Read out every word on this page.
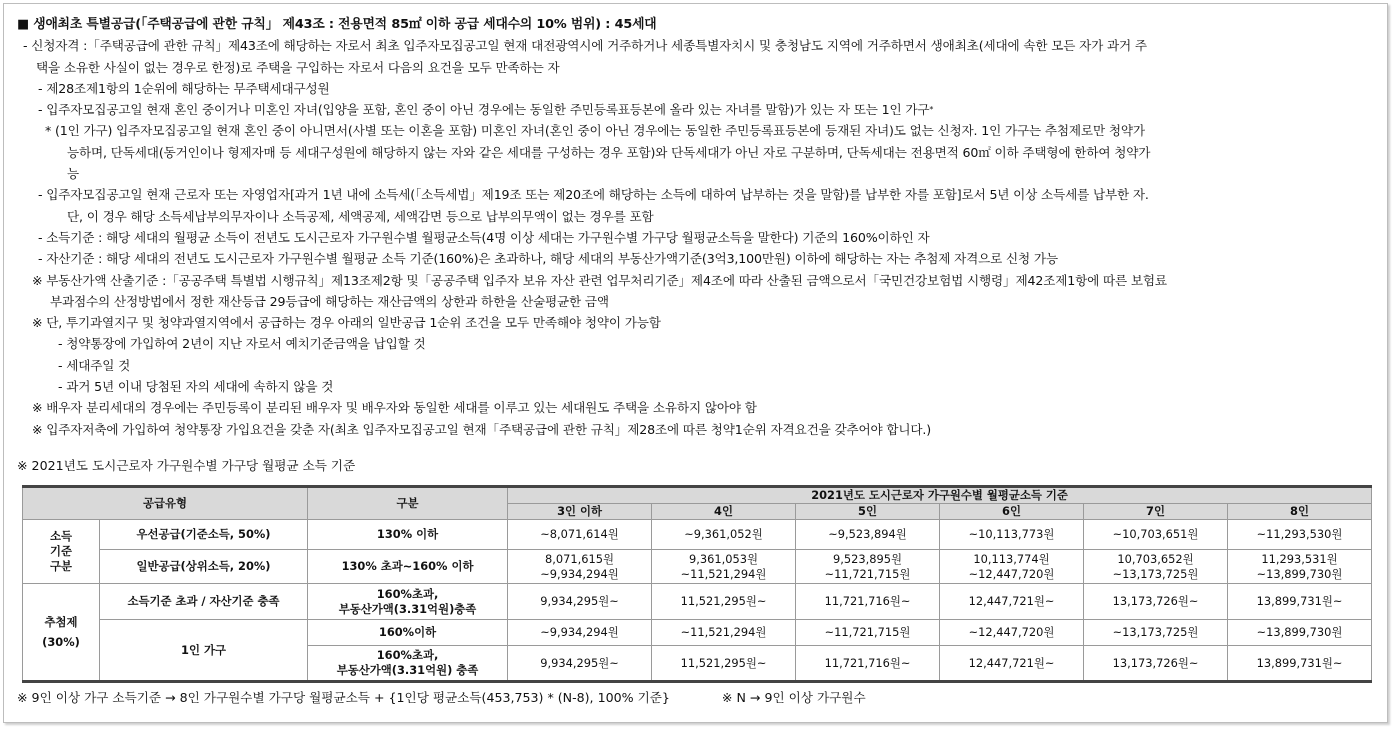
■ 생애최초 특별공급(「주택공급에 관한 규칙」 제43조 : 전용면적 85㎡ 이하 공급 세대수의 10% 범위) : 45세대
- 신청자격 :「주택공급에 관한 규칙」제43조에 해당하는 자로서 최초 입주자모집공고일 현재 대전광역시에 거주하거나 세종특별자치시 및 충청남도 지역에 거주하면서 생애최초(세대에 속한 모든 자가 과거 주
택을 소유한 사실이 없는 경우로 한정)로 주택을 구입하는 자로서 다음의 요건을 모두 만족하는 자
- 제28조제1항의 1순위에 해당하는 무주택세대구성원
- 입주자모집공고일 현재 혼인 중이거나 미혼인 자녀(입양을 포함, 혼인 중이 아닌 경우에는 동일한 주민등록표등본에 올라 있는 자녀를 말함)가 있는 자 또는 1인 가구*
* (1인 가구) 입주자모집공고일 현재 혼인 중이 아니면서(사별 또는 이혼을 포함) 미혼인 자녀(혼인 중이 아닌 경우에는 동일한 주민등록표등본에 등재된 자녀)도 없는 신청자. 1인 가구는 추첨제로만 청약가
능하며, 단독세대(동거인이나 형제자매 등 세대구성원에 해당하지 않는 자와 같은 세대를 구성하는 경우 포함)와 단독세대가 아닌 자로 구분하며, 단독세대는 전용면적 60㎡ 이하 주택형에 한하여 청약가
능
- 입주자모집공고일 현재 근로자 또는 자영업자[과거 1년 내에 소득세(「소득세법」제19조 또는 제20조에 해당하는 소득에 대하여 납부하는 것을 말함)를 납부한 자를 포함]로서 5년 이상 소득세를 납부한 자.
단, 이 경우 해당 소득세납부의무자이나 소득공제, 세액공제, 세액감면 등으로 납부의무액이 없는 경우를 포함
- 소득기준 : 해당 세대의 월평균 소득이 전년도 도시근로자 가구원수별 월평균소득(4명 이상 세대는 가구원수별 가구당 월평균소득을 말한다) 기준의 160%이하인 자
- 자산기준 : 해당 세대의 전년도 도시근로자 가구원수별 월평균 소득 기준(160%)은 초과하나, 해당 세대의 부동산가액기준(3억3,100만원) 이하에 해당하는 자는 추첨제 자격으로 신청 가능
※ 부동산가액 산출기준 :「공공주택 특별법 시행규칙」제13조제2항 및「공공주택 입주자 보유 자산 관련 업무처리기준」제4조에 따라 산출된 금액으로서「국민건강보험법 시행령」제42조제1항에 따른 보험료
부과점수의 산정방법에서 정한 재산등급 29등급에 해당하는 재산금액의 상한과 하한을 산술평균한 금액
※ 단, 투기과열지구 및 청약과열지역에서 공급하는 경우 아래의 일반공급 1순위 조건을 모두 만족해야 청약이 가능함
- 청약통장에 가입하여 2년이 지난 자로서 예치기준금액을 납입할 것
- 세대주일 것
- 과거 5년 이내 당첨된 자의 세대에 속하지 않을 것
※ 배우자 분리세대의 경우에는 주민등록이 분리된 배우자 및 배우자와 동일한 세대를 이루고 있는 세대원도 주택을 소유하지 않아야 함
※ 입주자저축에 가입하여 청약통장 가입요건을 갖춘 자(최초 입주자모집공고일 현재「주택공급에 관한 규칙」제28조에 따른 청약1순위 자격요건을 갖추어야 합니다.)
※ 2021년도 도시근로자 가구원수별 가구당 월평균 소득 기준
공급유형		구분	2021년도 도시근로자 가구원수별 월평균소득 기준					
			3인 이하	4인	5인	6인	7인	8인
소득
기준
구분	우선공급(기준소득, 50%)	130% 이하	~8,071,614원	~9,361,052원	~9,523,894원	~10,113,773원	~10,703,651원	~11,293,530원
	일반공급(상위소득, 20%)	130% 초과~160% 이하	8,071,615원
~9,934,294원	9,361,053원
~11,521,294원	9,523,895원
~11,721,715원	10,113,774원
~12,447,720원	10,703,652원
~13,173,725원	11,293,531원
~13,899,730원
추첨제
(30%)	소득기준 초과 / 자산기준 충족	160%초과,
부동산가액(3.31억원)충족	9,934,295원~	11,521,295원~	11,721,716원~	12,447,721원~	13,173,726원~	13,899,731원~
	1인 가구	160%이하	~9,934,294원	~11,521,294원	~11,721,715원	~12,447,720원	~13,173,725원	~13,899,730원
		160%초과,
부동산가액(3.31억원) 충족	9,934,295원~	11,521,295원~	11,721,716원~	12,447,721원~	13,173,726원~	13,899,731원~
※ 9인 이상 가구 소득기준 → 8인 가구원수별 가구당 월평균소득 + {1인당 평균소득(453,753) * (N-8), 100% 기준}	※ N → 9인 이상 가구원수
